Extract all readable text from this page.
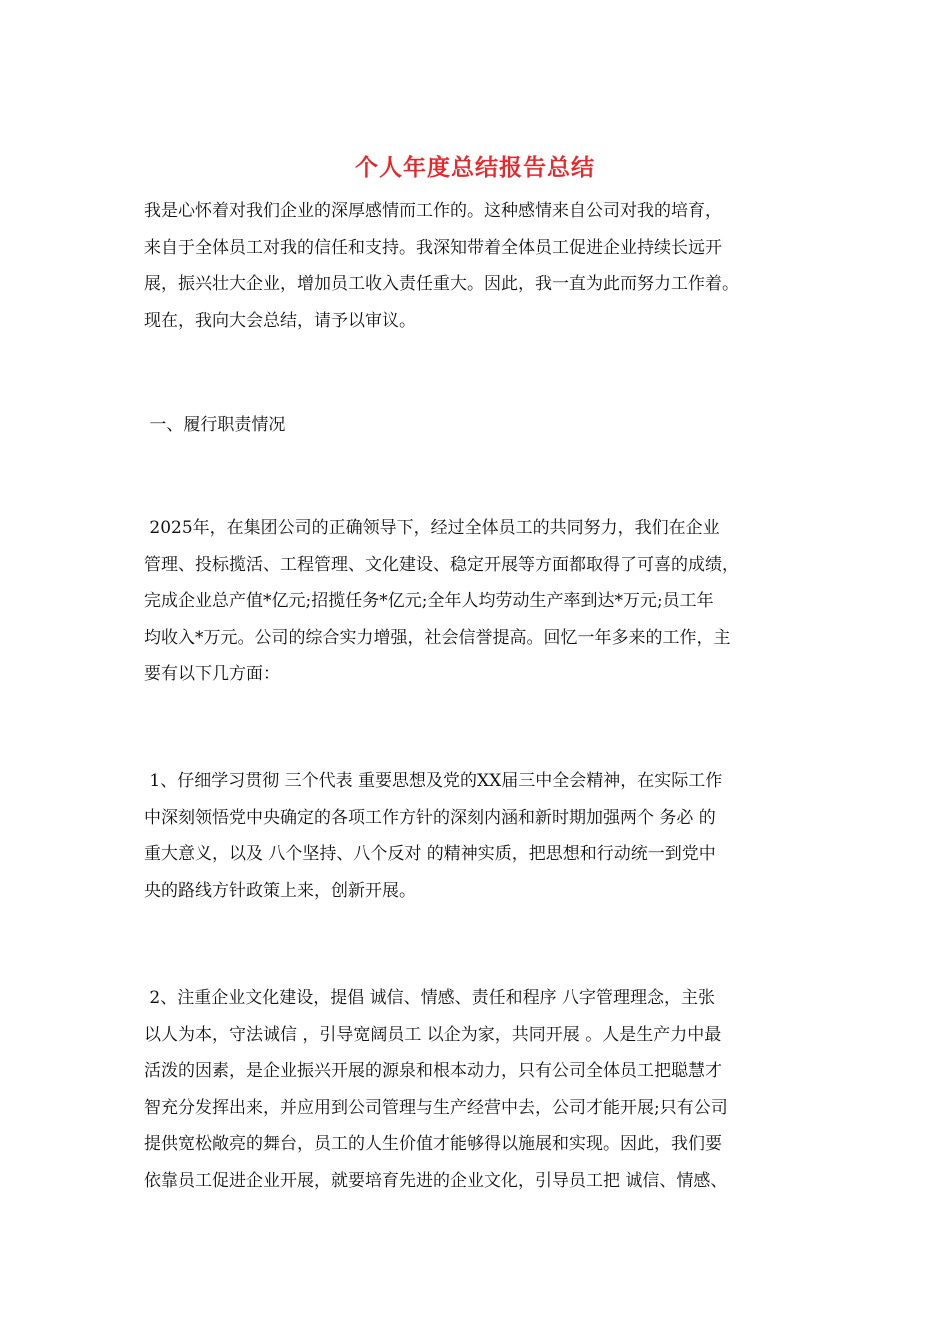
个人年度总结报告总结
我是心怀着对我们企业的深厚感情而工作的。这种感情来自公司对我的培育，
来自于全体员工对我的信任和支持。我深知带着全体员工促进企业持续长远开
展，振兴壮大企业，增加员工收入责任重大。因此，我一直为此而努力工作着。
现在，我向大会总结，请予以审议。
一、履行职责情况
2025年，在集团公司的正确领导下，经过全体员工的共同努力，我们在企业
管理、投标揽活、工程管理、文化建设、稳定开展等方面都取得了可喜的成绩，
完成企业总产值*亿元;招揽任务*亿元;全年人均劳动生产率到达*万元;员工年
均收入*万元。公司的综合实力增强，社会信誉提高。回忆一年多来的工作，主
要有以下几方面：
1、仔细学习贯彻 三个代表 重要思想及党的XX届三中全会精神，在实际工作
中深刻领悟党中央确定的各项工作方针的深刻内涵和新时期加强两个 务必 的
重大意义，以及 八个坚持、八个反对 的精神实质，把思想和行动统一到党中
央的路线方针政策上来，创新开展。
2、注重企业文化建设，提倡 诚信、情感、责任和程序 八字管理理念，主张
以人为本，守法诚信 ，引导宽阔员工 以企为家，共同开展 。人是生产力中最
活泼的因素，是企业振兴开展的源泉和根本动力，只有公司全体员工把聪慧才
智充分发挥出来，并应用到公司管理与生产经营中去，公司才能开展;只有公司
提供宽松敞亮的舞台，员工的人生价值才能够得以施展和实现。因此，我们要
依靠员工促进企业开展，就要培育先进的企业文化，引导员工把 诚信、情感、
